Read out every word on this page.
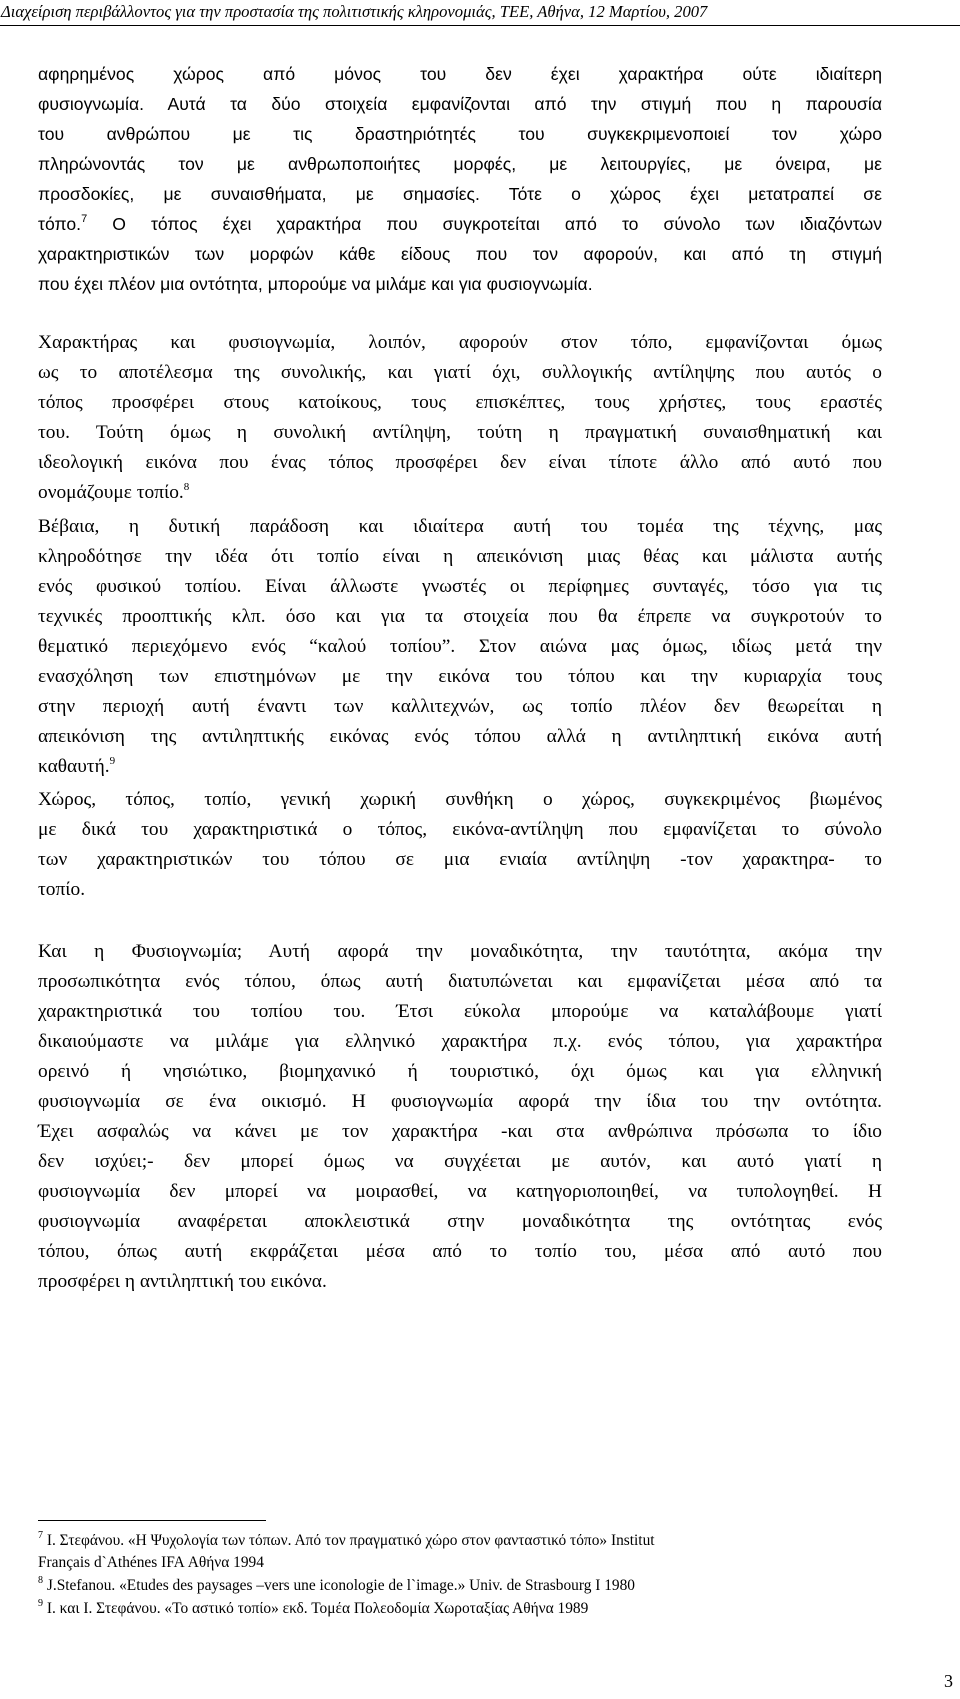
Διαχείριση περιβάλλοντος για την προστασία της πολιτιστικής κληρονομιάς, ΤΕΕ, Αθήνα, 12 Μαρτίου, 2007
αφηρημένος χώρος από μόνος του δεν έχει χαρακτήρα ούτε ιδιαίτερη
φυσιογνωμία. Αυτά τα δύο στοιχεία εμφανίζονται από την στιγμή που η παρουσία
του ανθρώπου με τις δραστηριότητές του συγκεκριμενοποιεί τον χώρο
πληρώνοντάς τον με ανθρωποποιήτες μορφές, με λειτουργίες, με όνειρα, με
προσδοκίες, με συναισθήματα, με σημασίες. Τότε ο χώρος έχει μετατραπεί σε
τόπο.$^7$ Ο τόπος έχει χαρακτήρα που συγκροτείται από το σύνολο των ιδιαζόντων
χαρακτηριστικών των μορφών κάθε είδους που τον αφορούν, και από τη στιγμή
που έχει πλέον μια οντότητα, μπορούμε να μιλάμε και για φυσιογνωμία.
Χαρακτήρας και φυσιογνωμία, λοιπόν, αφορούν στον τόπο, εμφανίζονται όμως
ως το αποτέλεσμα της συνολικής, και γιατί όχι, συλλογικής αντίληψης που αυτός ο
τόπος προσφέρει στους κατοίκους, τους επισκέπτες, τους χρήστες, τους εραστές
του. Τούτη όμως η συνολική αντίληψη, τούτη η πραγματική συναισθηματική και
ιδεολογική εικόνα που ένας τόπος προσφέρει δεν είναι τίποτε άλλο από αυτό που
ονομάζουμε τοπίο.$^8$
Βέβαια, η δυτική παράδοση και ιδιαίτερα αυτή του τομέα της τέχνης, μας
κληροδότησε την ιδέα ότι τοπίο είναι η απεικόνιση μιας θέας και μάλιστα αυτής
ενός φυσικού τοπίου. Είναι άλλωστε γνωστές οι περίφημες συνταγές, τόσο για τις
τεχνικές προοπτικής κλπ. όσο και για τα στοιχεία που θα έπρεπε να συγκροτούν το
θεματικό περιεχόμενο ενός “καλού τοπίου”. Στον αιώνα μας όμως, ιδίως μετά την
ενασχόληση των επιστημόνων με την εικόνα του τόπου και την κυριαρχία τους
στην περιοχή αυτή έναντι των καλλιτεχνών, ως τοπίο πλέον δεν θεωρείται η
απεικόνιση της αντιληπτικής εικόνας ενός τόπου αλλά η αντιληπτική εικόνα αυτή
καθαυτή.$^9$
Χώρος, τόπος, τοπίο, γενική χωρική συνθήκη ο χώρος, συγκεκριμένος βιωμένος
με δικά του χαρακτηριστικά ο τόπος, εικόνα-αντίληψη που εμφανίζεται το σύνολο
των χαρακτηριστικών του τόπου σε μια ενιαία αντίληψη -τον χαρακτηρα- το
τοπίο.
Και η Φυσιογνωμία; Αυτή αφορά την μοναδικότητα, την ταυτότητα, ακόμα την
προσωπικότητα ενός τόπου, όπως αυτή διατυπώνεται και εμφανίζεται μέσα από τα
χαρακτηριστικά του τοπίου του. Έτσι εύκολα μπορούμε να καταλάβουμε γιατί
δικαιούμαστε να μιλάμε για ελληνικό χαρακτήρα π.χ. ενός τόπου, για χαρακτήρα
ορεινό ή νησιώτικο, βιομηχανικό ή τουριστικό, όχι όμως και για ελληνική
φυσιογνωμία σε ένα οικισμό. Η φυσιογνωμία αφορά την ίδια του την οντότητα.
Έχει ασφαλώς να κάνει με τον χαρακτήρα -και στα ανθρώπινα πρόσωπα το ίδιο
δεν ισχύει;- δεν μπορεί όμως να συγχέεται με αυτόν, και αυτό γιατί η
φυσιογνωμία δεν μπορεί να μοιρασθεί, να κατηγοριοποιηθεί, να τυπολογηθεί. Η
φυσιογνωμία αναφέρεται αποκλειστικά στην μοναδικότητα της οντότητας ενός
τόπου, όπως αυτή εκφράζεται μέσα από το τοπίο του, μέσα από αυτό που
προσφέρει η αντιληπτική του εικόνα.
$^7$ Ι. Στεφάνου. «Η Ψυχολογία των τόπων. Από τον πραγματικό χώρο στον φανταστικό τόπο» Institut
Français d`Athénes IFA Αθήνα 1994
$^8$ J.Stefanou. «Etudes des paysages –vers une iconologie de l`image.» Univ. de Strasbourg I 1980
$^9$ Ι. και Ι. Στεφάνου. «Το αστικό τοπίο» εκδ. Τομέα Πολεοδομία Χωροταξίας Αθήνα 1989
3
